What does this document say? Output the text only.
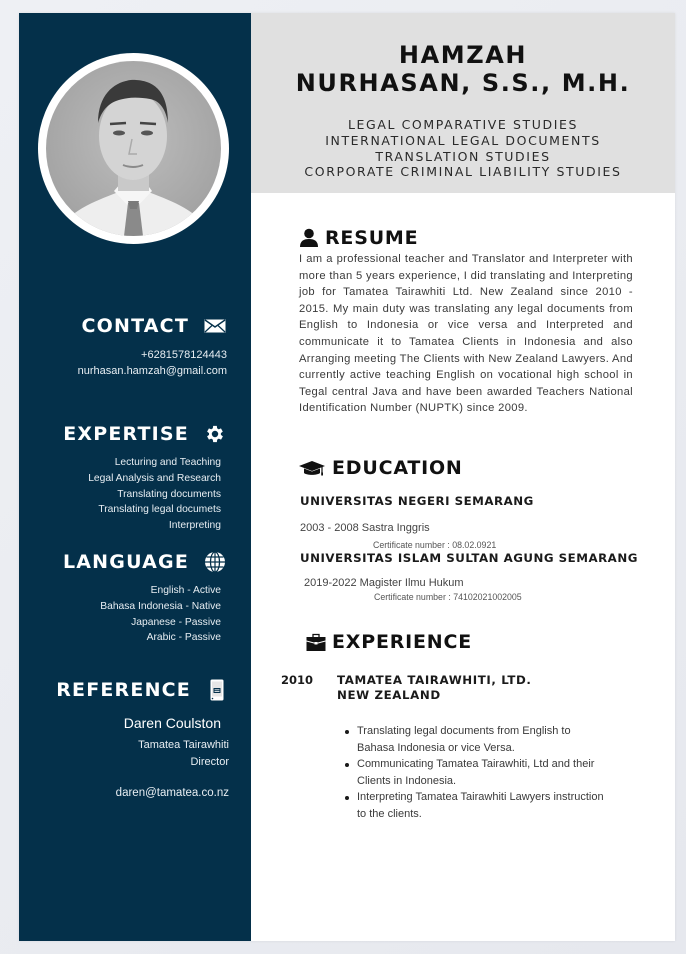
CONTACT
+6281578124443
nurhasan.hamzah@gmail.com
EXPERTISE
Lecturing and Teaching
Legal Analysis and Research
Translating documents
Translating legal documets
Interpreting
LANGUAGE
English - Active
Bahasa Indonesia - Native
Japanese - Passive
Arabic - Passive
REFERENCE
Daren Coulston
Tamatea Tairawhiti
Director
daren@tamatea.co.nz
HAMZAH
NURHASAN, S.S., M.H.
LEGAL COMPARATIVE STUDIES
INTERNATIONAL LEGAL DOCUMENTS
TRANSLATION STUDIES
CORPORATE CRIMINAL LIABILITY STUDIES
RESUME

I am a professional teacher and Translator and Interpreter with more than 5 years experience, I did translating and Interpreting job for Tamatea Tairawhiti Ltd. New Zealand since 2010 - 2015. My main duty was translating any legal documents from English to Indonesia or vice versa and Interpreted and communicate it to Tamatea Clients in Indonesia and also Arranging meeting The Clients with New Zealand Lawyers. And currently active teaching English on vocational high school in Tegal central Java and have been awarded Teachers National Identification Number (NUPTK) since 2009.

EDUCATION
UNIVERSITAS NEGERI SEMARANG
2003 - 2008 Sastra Inggris
Certificate number : 08.02.0921
UNIVERSITAS ISLAM SULTAN AGUNG SEMARANG
2019-2022 Magister Ilmu Hukum
Certificate number : 74102021002005
EXPERIENCE
2010 TAMATEA TAIRAWHITI, LTD.
NEW ZEALAND
Translating legal documents from English to Bahasa Indonesia or vice Versa.
Communicating Tamatea Tairawhiti, Ltd and their Clients in Indonesia.
Interpreting Tamatea Tairawhiti Lawyers instruction to the clients.
